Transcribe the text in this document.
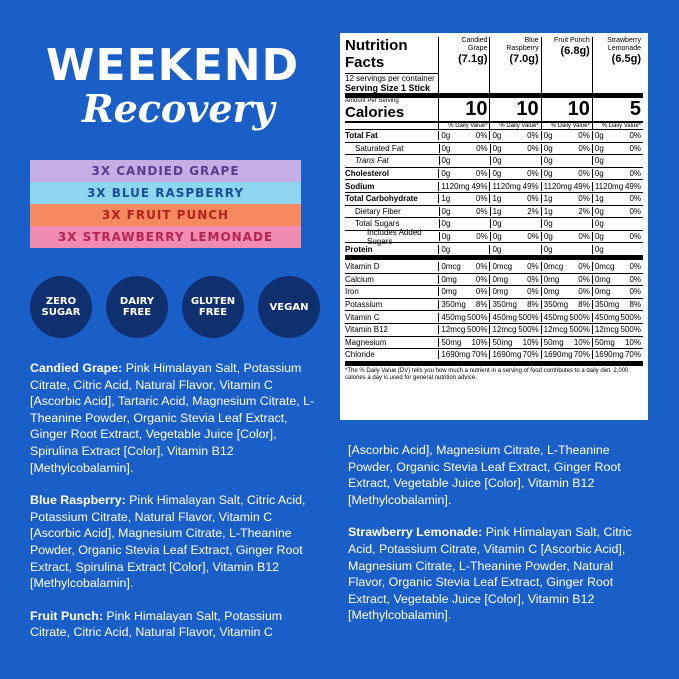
WEEKEND
Recovery
3X CANDIED GRAPE
3X BLUE RASPBERRY
3X FRUIT PUNCH
3X STRAWBERRY LEMONADE
ZERO
SUGAR
DAIRY
FREE
GLUTEN
FREE	VEGAN

Candied Grape: Pink Himalayan Salt, Potassium Citrate, Citric Acid, Natural Flavor, Vitamin C [Ascorbic Acid], Tartaric Acid, Magnesium Citrate, L-Theanine Powder, Organic Stevia Leaf Extract, Ginger Root Extract, Vegetable Juice [Color], Spirulina Extract [Color], Vitamin B12 [Methylcobalamin].

Blue Raspberry: Pink Himalayan Salt, Citric Acid, Potassium Citrate, Natural Flavor, Vitamin C [Ascorbic Acid], Magnesium Citrate, L-Theanine Powder, Organic Stevia Leaf Extract, Ginger Root Extract, Spirulina Extract [Color], Vitamin B12 [Methylcobalamin].

Fruit Punch: Pink Himalayan Salt, Potassium Citrate, Citric Acid, Natural Flavor, Vitamin C

[Ascorbic Acid], Magnesium Citrate, L-Theanine Powder, Organic Stevia Leaf Extract, Ginger Root Extract, Vegetable Juice [Color], Vitamin B12 [Methylcobalamin].

Strawberry Lemonade: Pink Himalayan Salt, Citric Acid, Potassium Citrate, Vitamin C [Ascorbic Acid], Magnesium Citrate, L-Theanine Powder, Natural Flavor, Organic Stevia Leaf Extract, Ginger Root Extract, Vegetable Juice [Color], Vitamin B12 [Methylcobalamin].

Nutrition Facts
12 servings per container
Serving Size 1 Stick
Candied Grape
(7.1g)
Blue Raspberry
(7.0g)
Fruit Punch
(6.8g)
Strawberry Lemonade
(6.5g)
Amount Per Serving
Calories	10	10	10	5
% Daily Value*	% Daily Value*	% Daily Value*	% Daily Value*
Total Fat	0g	0% 0g	0% 0g	0% 0g	0%
Saturated Fat	0g	0% 0g	0% 0g	0% 0g	0%
Trans Fat	0g	0g	0g	0g
Cholesterol	0g	0% 0g	0% 0g	0% 0g	0%
Sodium	1120mg 49% 1120mg 49% 1120mg 49% 1120mg 49%
Total Carbohydrate	1g	0% 1g	0% 1g	0% 1g	0%
Dietary Fiber	0g	0% 1g	2% 1g	2% 0g	0%
Total Sugars	0g	0g	0g	0g
Includes Added Sugars	0g	0% 0g	0% 0g	0% 0g	0%
Protein	0g	0g	0g	0g
Vitamin D	0mcg 0% 0mcg 0% 0mcg 0% 0mcg 0%
Calcium	0mg 0% 0mg 0% 0mg 0% 0mg 0%
Iron	0mg 0% 0mg 0% 0mg 0% 0mg 0%
Potassium	350mg 8% 350mg 8% 350mg 8% 350mg 8%
Vitamin C	450mg 500% 450mg 500% 450mg 500% 450mg 500%
Vitamin B12	12mcg 500% 12mcg 500% 12mcg 500% 12mcg 500%
Magnesium	50mg 10% 50mg 10% 50mg 10% 50mg 10%
Chloride	1690mg 70% 1690mg 70% 1690mg 70% 1690mg 70%
*The % Daily Value (DV) tells you how much a nutrient in a serving of food contributes to a daily diet. 2,000 calories a day is used for general nutrition advice.
